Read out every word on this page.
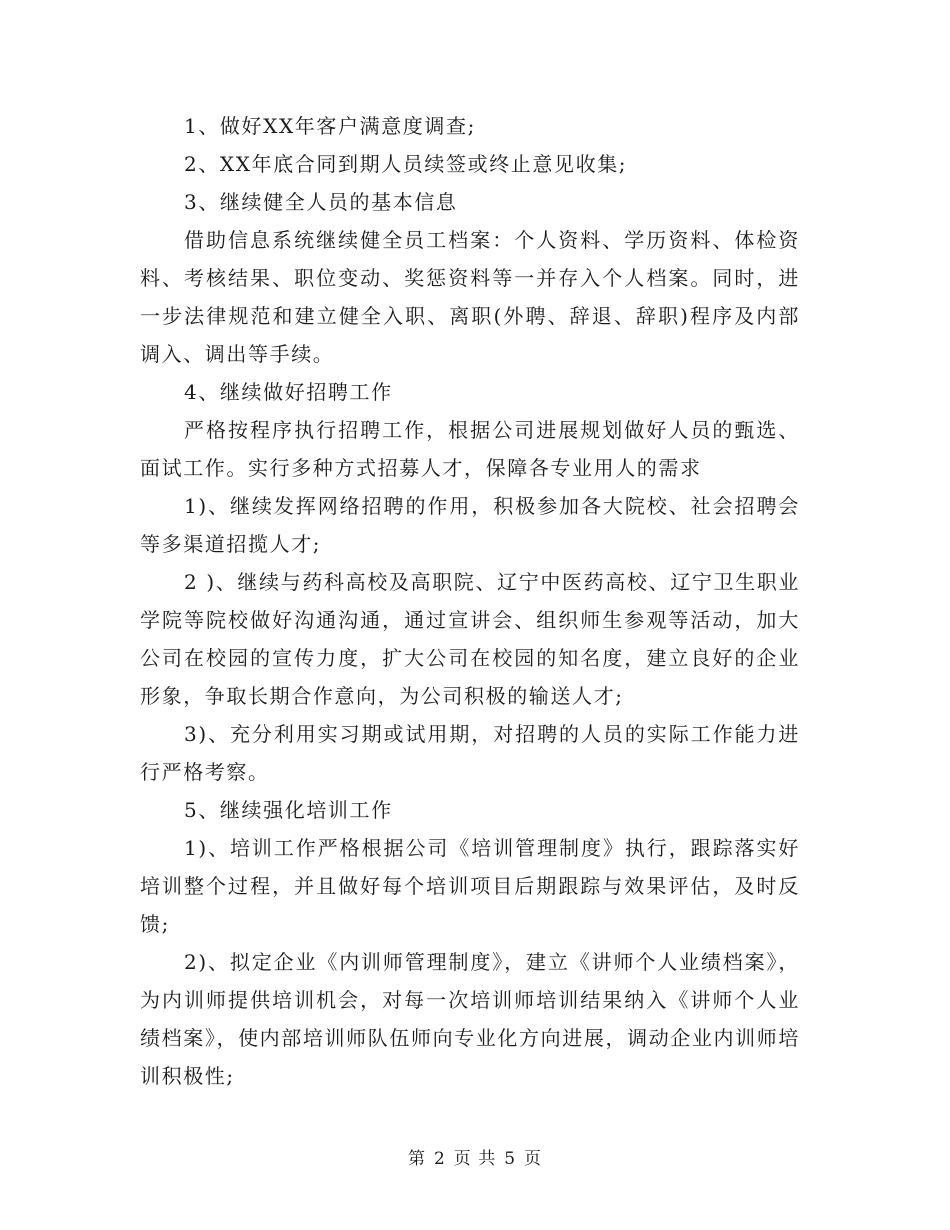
1、做好XX年客户满意度调查;

2、XX年底合同到期人员续签或终止意见收集;

3、继续健全人员的基本信息

借助信息系统继续健全员工档案：个人资料、学历资料、体检资料、考核结果、职位变动、奖惩资料等一并存入个人档案。同时，进一步法律规范和建立健全入职、离职(外聘、辞退、辞职)程序及内部调入、调出等手续。

4、继续做好招聘工作

严格按程序执行招聘工作，根据公司进展规划做好人员的甄选、面试工作。实行多种方式招募人才，保障各专业用人的需求

1)、继续发挥网络招聘的作用，积极参加各大院校、社会招聘会等多渠道招揽人才;

2 )、继续与药科高校及高职院、辽宁中医药高校、辽宁卫生职业学院等院校做好沟通沟通，通过宣讲会、组织师生参观等活动，加大公司在校园的宣传力度，扩大公司在校园的知名度，建立良好的企业形象，争取长期合作意向，为公司积极的输送人才;

3)、充分利用实习期或试用期，对招聘的人员的实际工作能力进行严格考察。

5、继续强化培训工作

1)、培训工作严格根据公司《培训管理制度》执行，跟踪落实好培训整个过程，并且做好每个培训项目后期跟踪与效果评估，及时反馈;

2)、拟定企业《内训师管理制度》，建立《讲师个人业绩档案》，为内训师提供培训机会，对每一次培训师培训结果纳入《讲师个人业绩档案》，使内部培训师队伍师向专业化方向进展，调动企业内训师培训积极性;

第 2 页 共 5 页
